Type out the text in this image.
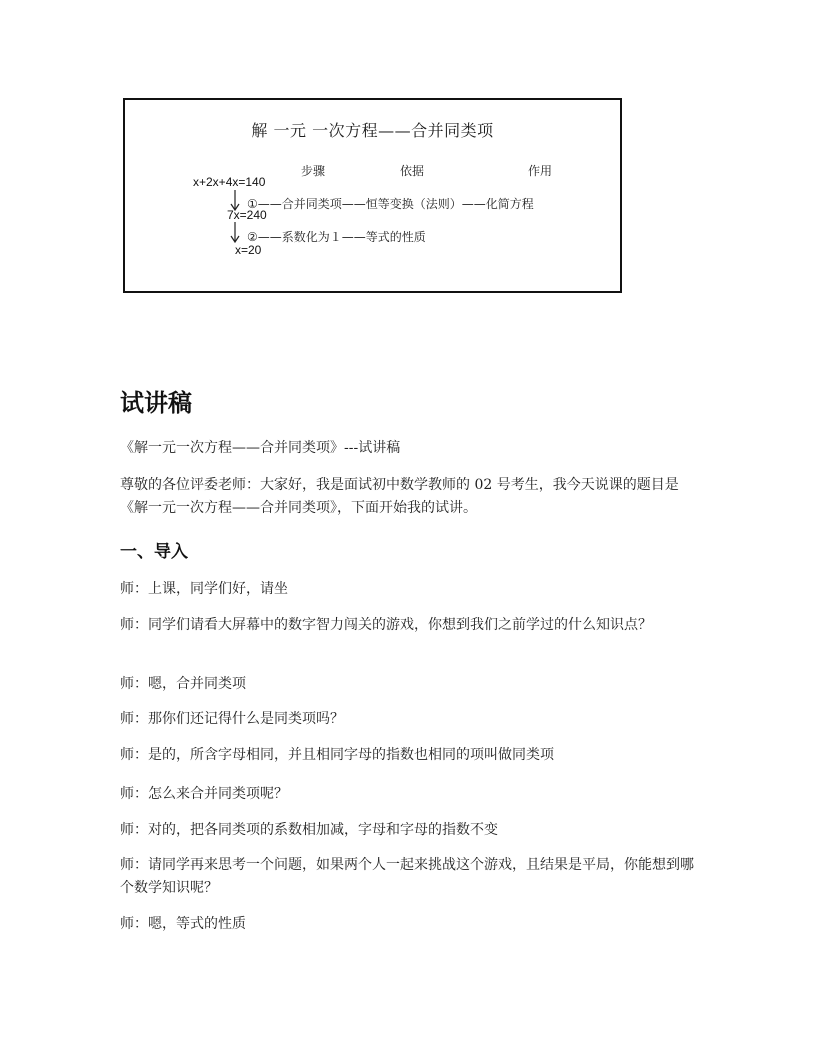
解 一元 一次方程——合并同类项
步骤	依据	作用
x+2x+4x=140
①——合并同类项——恒等变换（法则）——化简方程
7x=240
②——系数化为１——等式的性质
x=20
试讲稿
《解一元一次方程——合并同类项》---试讲稿
尊敬的各位评委老师：大家好，我是面试初中数学教师的 02 号考生，我今天说课的题目是《解一元一次方程——合并同类项》，下面开始我的试讲。
一、导入
师：上课，同学们好，请坐
师：同学们请看大屏幕中的数字智力闯关的游戏，你想到我们之前学过的什么知识点？
师：嗯，合并同类项
师：那你们还记得什么是同类项吗？
师：是的，所含字母相同，并且相同字母的指数也相同的项叫做同类项
师：怎么来合并同类项呢？
师：对的，把各同类项的系数相加减，字母和字母的指数不变
师：请同学再来思考一个问题，如果两个人一起来挑战这个游戏，且结果是平局，你能想到哪个数学知识呢？
师：嗯，等式的性质
